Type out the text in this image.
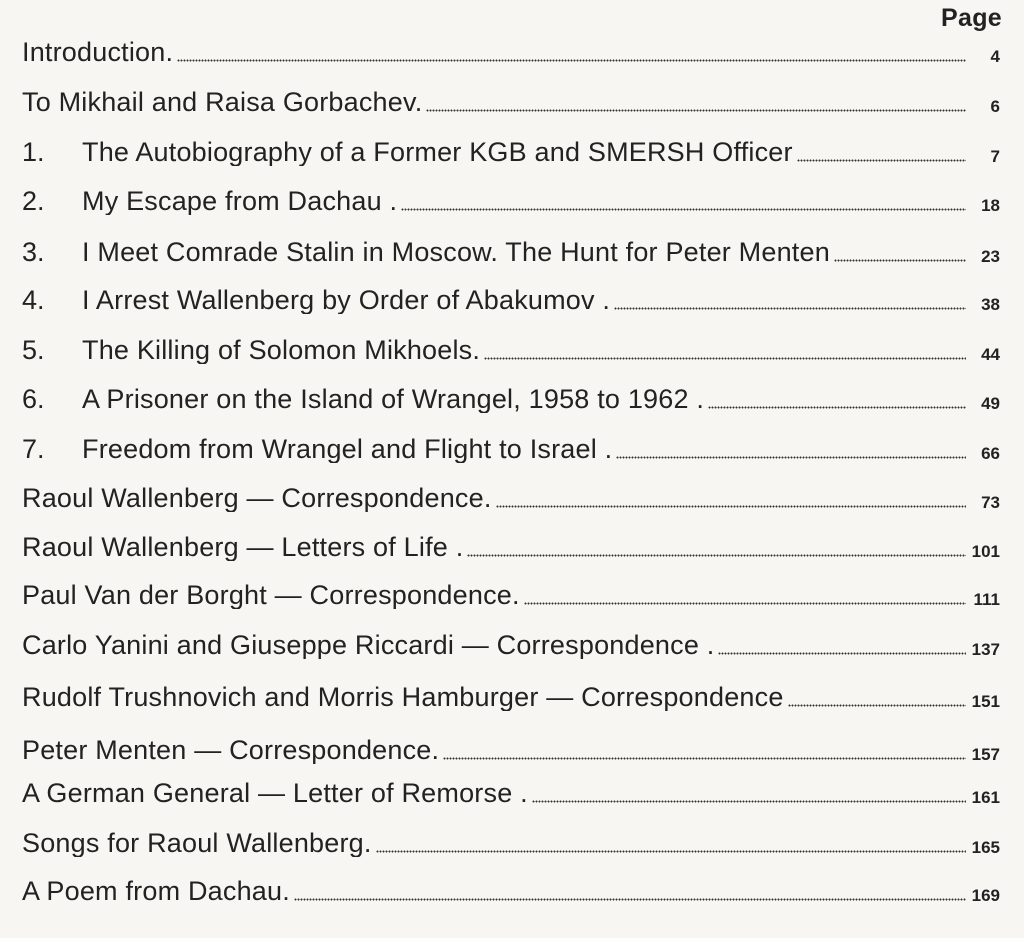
Page
Introduction.	4
To Mikhail and Raisa Gorbachev.	6
1.	The Autobiography of a Former KGB and SMERSH Officer	7
2.	My Escape from Dachau .	18
3.	I Meet Comrade Stalin in Moscow. The Hunt for Peter Menten	23
4.	I Arrest Wallenberg by Order of Abakumov .	38
5.	The Killing of Solomon Mikhoels.	44
6.	A Prisoner on the Island of Wrangel, 1958 to 1962 .	49
7.	Freedom from Wrangel and Flight to Israel .	66
Raoul Wallenberg — Correspondence.	73
Raoul Wallenberg — Letters of Life .	101
Paul Van der Borght — Correspondence.	111
Carlo Yanini and Giuseppe Riccardi — Correspondence .	137
Rudolf Trushnovich and Morris Hamburger — Correspondence	151
Peter Menten — Correspondence.	157
A German General — Letter of Remorse .	161
Songs for Raoul Wallenberg.	165
A Poem from Dachau.	169
